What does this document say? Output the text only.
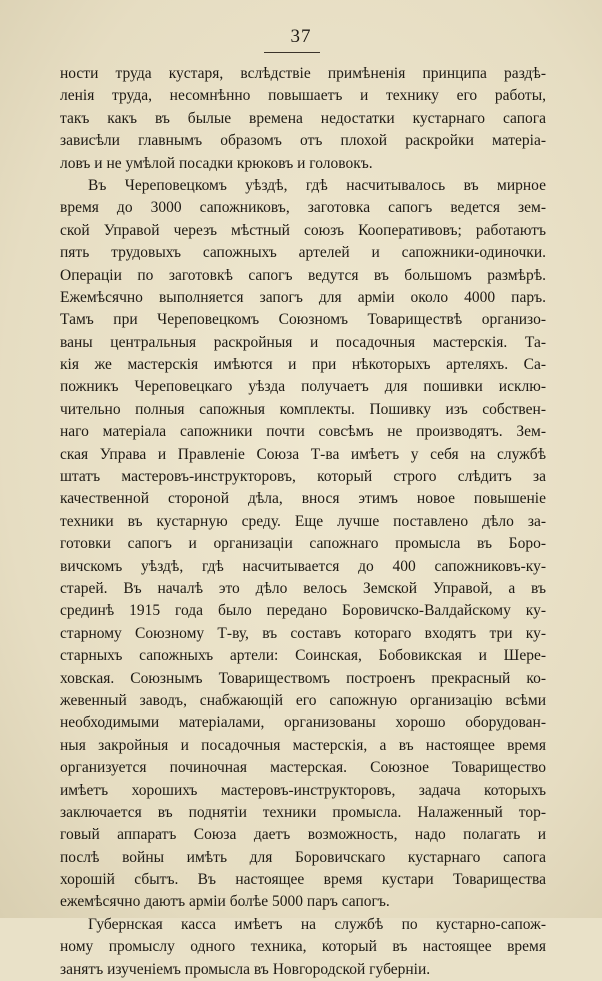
37
ности труда кустаря, вслѣдствіе примѣненія принципа раздѣ-
ленія труда, несомнѣнно повышаетъ и технику его работы,
такъ какъ въ былые времена недостатки кустарнаго сапога
зависѣли главнымъ образомъ отъ плохой раскройки матеріа-
ловъ и не умѣлой посадки крюковъ и головокъ.
Въ Череповецкомъ уѣздѣ, гдѣ насчитывалось въ мирное
время до 3000 сапожниковъ, заготовка сапогъ ведется зем-
ской Управой черезъ мѣстный союзъ Кооперативовъ; работаютъ
пять трудовыхъ сапожныхъ артелей и сапожники-одиночки.
Операціи по заготовкѣ сапогъ ведутся въ большомъ размѣрѣ.
Ежемѣсячно выполняется запогъ для арміи около 4000 паръ.
Тамъ при Череповецкомъ Союзномъ Товариществѣ организо-
ваны центральныя раскройныя и посадочныя мастерскія. Та-
кія же мастерскія имѣются и при нѣкоторыхъ артеляхъ. Са-
пожникъ Череповецкаго уѣзда получаетъ для пошивки исклю-
чительно полныя сапожныя комплекты. Пошивку изъ собствен-
наго матеріала сапожники почти совсѣмъ не производятъ. Зем-
ская Управа и Правленіе Союза Т-ва имѣетъ у себя на службѣ
штатъ мастеровъ-инструкторовъ, который строго слѣдитъ за
качественной стороной дѣла, внося этимъ новое повышеніе
техники въ кустарную среду. Еще лучше поставлено дѣло за-
готовки сапогъ и организаціи сапожнаго промысла въ Боро-
вичскомъ уѣздѣ, гдѣ насчитывается до 400 сапожниковъ-ку-
старей. Въ началѣ это дѣло велось Земской Управой, а въ
срединѣ 1915 года было передано Боровичско-Валдайскому ку-
старному Союзному Т-ву, въ составъ котораго входятъ три ку-
старныхъ сапожныхъ артели: Соинская, Бобовикская и Шере-
ховская. Союзнымъ Товариществомъ построенъ прекрасный ко-
жевенный заводъ, снабжающій его сапожную организацію всѣми
необходимыми матеріалами, организованы хорошо оборудован-
ныя закройныя и посадочныя мастерскія, а въ настоящее время
организуется починочная мастерская. Союзное Товарищество
имѣетъ хорошихъ мастеровъ-инструкторовъ, задача которыхъ
заключается въ поднятіи техники промысла. Налаженный тор-
говый аппаратъ Союза даетъ возможность, надо полагать и
послѣ войны имѣть для Боровичскаго кустарнаго сапога
хорошій сбытъ. Въ настоящее время кустари Товарищества
ежемѣсячно даютъ арміи болѣе 5000 паръ сапогъ.
Губернская касса имѣетъ на службѣ по кустарно-сапож-
ному промыслу одного техника, который въ настоящее время
занятъ изученіемъ промысла въ Новгородской губерніи.
